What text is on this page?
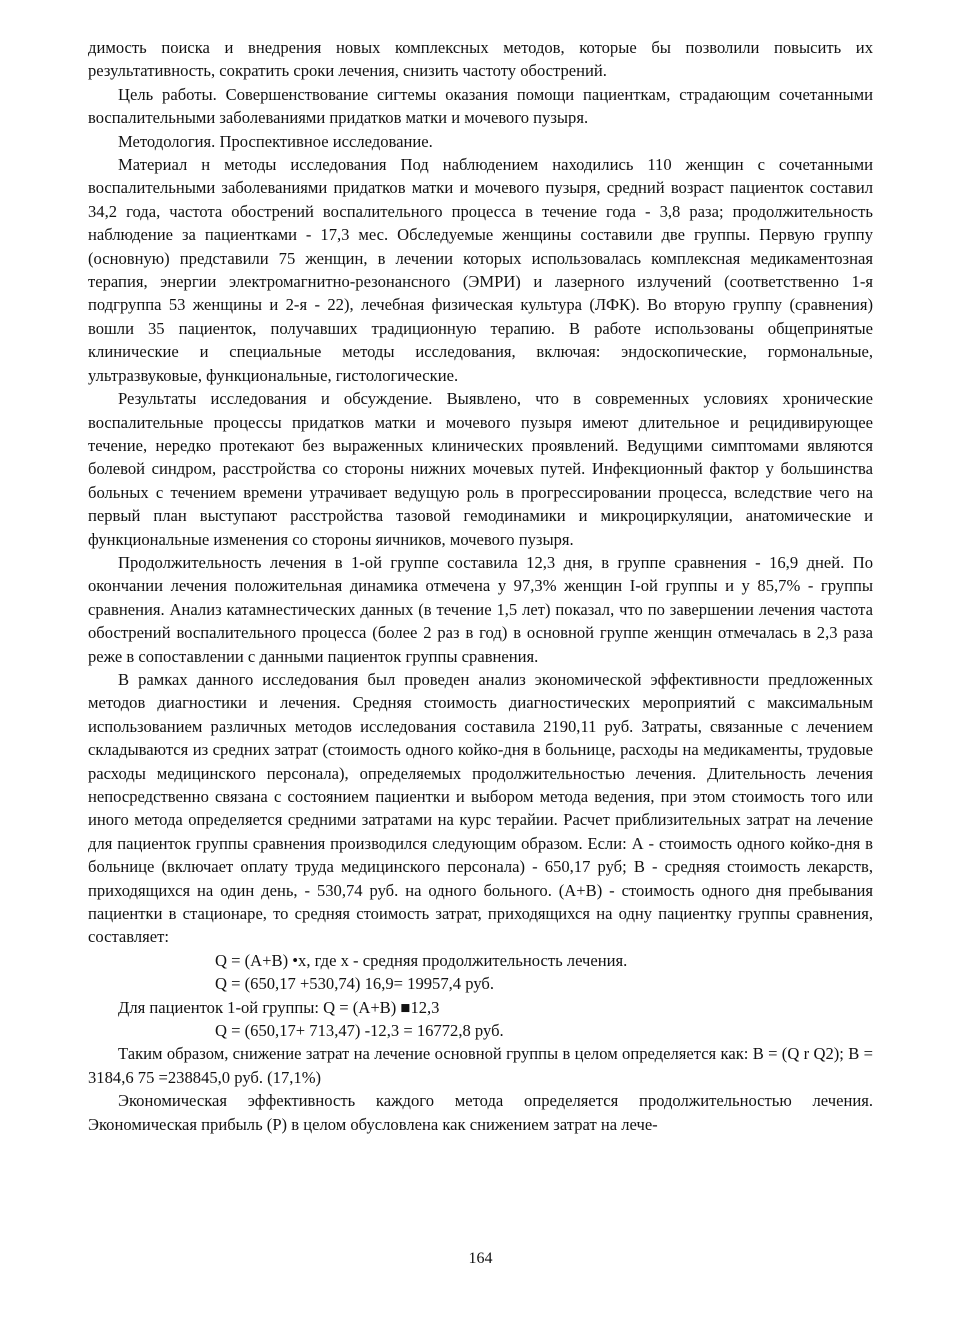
димость поиска и внедрения новых комплексных методов, которые бы позволили повысить их результативность, сократить сроки лечения, снизить частоту обострений.

Цель работы. Совершенствование сигтемы оказания помощи пациенткам, страдающим сочетанными воспалительными заболеваниями придатков матки и мочевого пузыря.

Методология. Проспективное исследование.

Материал н методы исследования Под наблюдением находились 110 женщин с сочетанными воспалительными заболеваниями придатков матки и мочевого пузыря, средний возраст пациенток составил 34,2 года, частота обострений воспалительного процесса в течение года - 3,8 раза; продолжительность наблюдение за пациентками - 17,3 мес. Обследуемые женщины составили две группы. Первую группу (основную) представили 75 женщин, в лечении которых использовалась комплексная медикаментозная терапия, энергии электромагнитно-резонансного (ЭМРИ) и лазерного излучений (соответственно 1-я подгруппа 53 женщины и 2-я - 22), лечебная физическая культура (ЛФК). Во вторую группу (сравнения) вошли 35 пациенток, получавших традиционную терапию. В работе использованы общепринятые клинические и специальные методы исследования, включая: эндоскопические, гормональные, ультразвуковые, функциональные, гистологические.

Результаты исследования и обсуждение. Выявлено, что в современных условиях хронические воспалительные процессы придатков матки и мочевого пузыря имеют длительное и рецидивирующее течение, нередко протекают без выраженных клинических проявлений. Ведущими симптомами являются болевой синдром, расстройства со стороны нижних мочевых путей. Инфекционный фактор у большинства больных с течением времени утрачивает ведущую роль в прогрессировании процесса, вследствие чего на первый план выступают расстройства тазовой гемодинамики и микроциркуляции, анатомические и функциональные изменения со стороны яичников, мочевого пузыря.

Продолжительность лечения в 1-ой группе составила 12,3 дня, в группе сравнения - 16,9 дней. По окончании лечения положительная динамика отмечена у 97,3% женщин I-ой группы и у 85,7% - группы сравнения. Анализ катамнестических данных (в течение 1,5 лет) показал, что по завершении лечения частота обострений воспалительного процесса (более 2 раз в год) в основной группе женщин отмечалась в 2,3 раза реже в сопоставлении с данными пациенток группы сравнения.

В рамках данного исследования был проведен анализ экономической эффективности предложенных методов диагностики и лечения. Средняя стоимость диагностических мероприятий с максимальным использованием различных методов исследования составила 2190,11 руб. Затраты, связанные с лечением складываются из средних затрат (стоимость одного койко-дня в больнице, расходы на медикаменты, трудовые расходы медицинского персонала), определяемых продолжительностью лечения. Длительность лечения непосредственно связана с состоянием пациентки и выбором метода ведения, при этом стоимость того или иного метода определяется средними затратами на курс терайии. Расчет приблизительных затрат на лечение для пациенток группы сравнения производился следующим образом. Если: А - стоимость одного койко-дня в больнице (включает оплату труда медицинского персонала) - 650,17 руб; В - средняя стоимость лекарств, приходящихся на один день, - 530,74 руб. на одного больного. (А+В) - стоимость одного дня пребывания пациентки в стационаре, то средняя стоимость затрат, приходящихся на одну пациентку группы сравнения, составляет:

Q = (A+B) •x, где х - средняя продолжительность лечения.

Q = (650,17 +530,74) 16,9= 19957,4 руб.

Для пациенток 1-ой группы: Q = (А+В) ■12,3

Q = (650,17+ 713,47) -12,3 = 16772,8 руб.

Таким образом, снижение затрат на лечение основной группы в целом определяется как: В = (Q r Q2); В = 3184,6 75 =238845,0 руб. (17,1%)

Экономическая эффективность каждого метода определяется продолжительностью лечения. Экономическая прибыль (Р) в целом обусловлена как снижением затрат на лече-

164
